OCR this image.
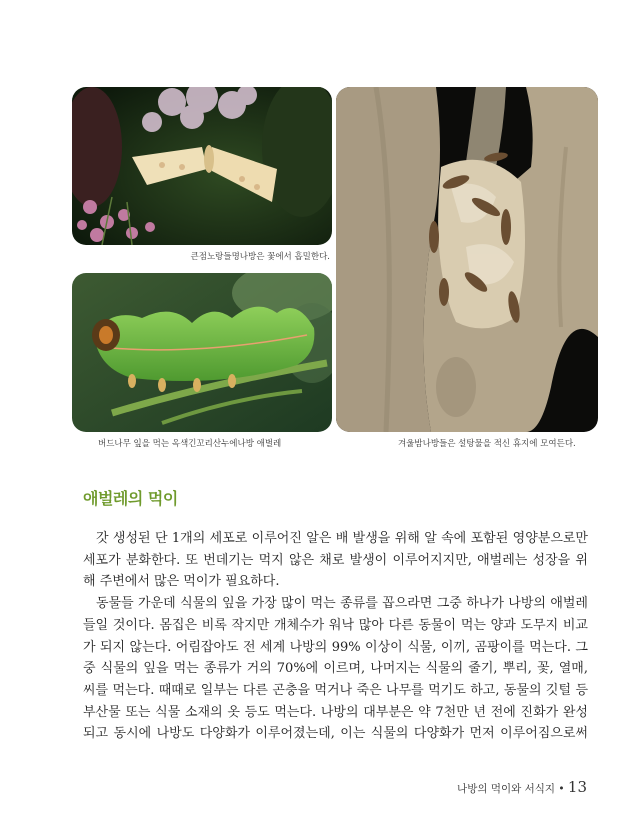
큰점노랑들명나방은 꽃에서 흡밀한다.
버드나무 잎을 먹는 옥색긴꼬리산누에나방 애벌레	겨울밤나방들은 설탕물을 적신 휴지에 모여든다.
애벌레의 먹이
갓 생성된 단 1개의 세포로 이루어진 알은 배 발생을 위해 알 속에 포함된 영양분으로만
세포가 분화한다. 또 번데기는 먹지 않은 채로 발생이 이루어지지만, 애벌레는 성장을 위
해 주변에서 많은 먹이가 필요하다.
동물들 가운데 식물의 잎을 가장 많이 먹는 종류를 꼽으라면 그중 하나가 나방의 애벌레
들일 것이다. 몸집은 비록 작지만 개체수가 워낙 많아 다른 동물이 먹는 양과 도무지 비교
가 되지 않는다. 어림잡아도 전 세계 나방의 99% 이상이 식물, 이끼, 곰팡이를 먹는다. 그
중 식물의 잎을 먹는 종류가 거의 70%에 이르며, 나머지는 식물의 줄기, 뿌리, 꽃, 열매,
씨를 먹는다. 때때로 일부는 다른 곤충을 먹거나 죽은 나무를 먹기도 하고, 동물의 깃털 등
부산물 또는 식물 소재의 옷 등도 먹는다. 나방의 대부분은 약 7천만 년 전에 진화가 완성
되고 동시에 나방도 다양화가 이루어졌는데, 이는 식물의 다양화가 먼저 이루어짐으로써
나방의 먹이와 서식지 • 13
